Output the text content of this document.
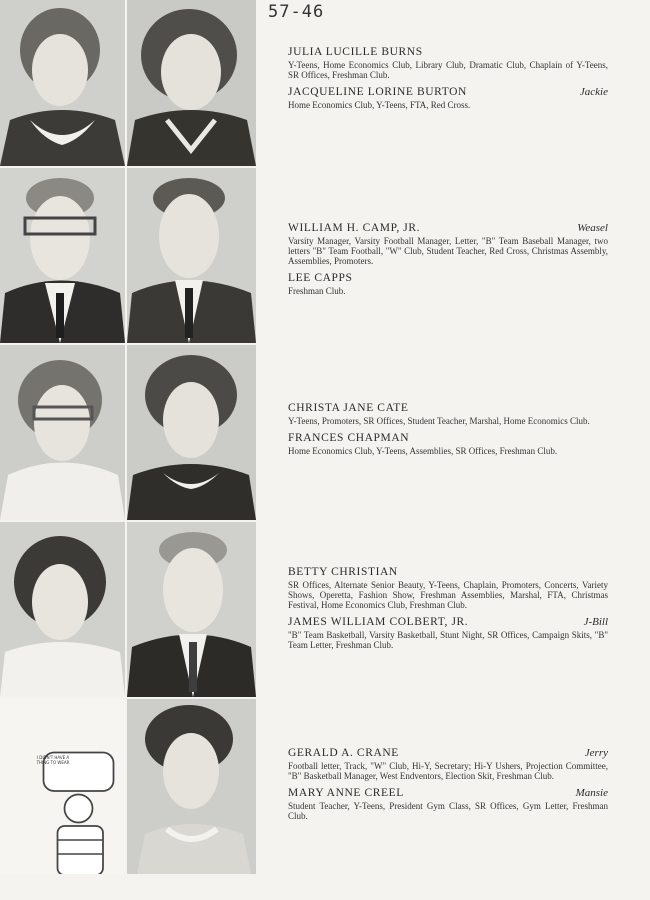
57-46
I DIDN'T HAVE A THING TO WEAR
JULIA LUCILLE BURNS
Y-Teens, Home Economics Club, Library Club, Dramatic Club, Chaplain of Y-Teens, SR Offices, Freshman Club.
JACQUELINE LORINE BURTON	Jackie
Home Economics Club, Y-Teens, FTA, Red Cross.
WILLIAM H. CAMP, JR.	Weasel
Varsity Manager, Varsity Football Manager, Letter, "B" Team Baseball Manager, two letters "B" Team Football, "W" Club, Student Teacher, Red Cross, Christmas Assembly, Assemblies, Promoters.
LEE CAPPS
Freshman Club.
CHRISTA JANE CATE
Y-Teens, Promoters, SR Offices, Student Teacher, Marshal, Home Economics Club.
FRANCES CHAPMAN
Home Economics Club, Y-Teens, Assemblies, SR Offices, Freshman Club.
BETTY CHRISTIAN
SR Offices, Alternate Senior Beauty, Y-Teens, Chaplain, Promoters, Concerts, Variety Shows, Operetta, Fashion Show, Freshman Assemblies, Marshal, FTA, Christmas Festival, Home Economics Club, Freshman Club.
JAMES WILLIAM COLBERT, JR.	J-Bill
"B" Team Basketball, Varsity Basketball, Stunt Night, SR Offices, Campaign Skits, "B" Team Letter, Freshman Club.
GERALD A. CRANE	Jerry
Football letter, Track, "W" Club, Hi-Y, Secretary; Hi-Y Ushers, Projection Committee, "B" Basketball Manager, West Endventors, Election Skit, Freshman Club.
MARY ANNE CREEL	Mansie
Student Teacher, Y-Teens, President Gym Class, SR Offices, Gym Letter, Freshman Club.
